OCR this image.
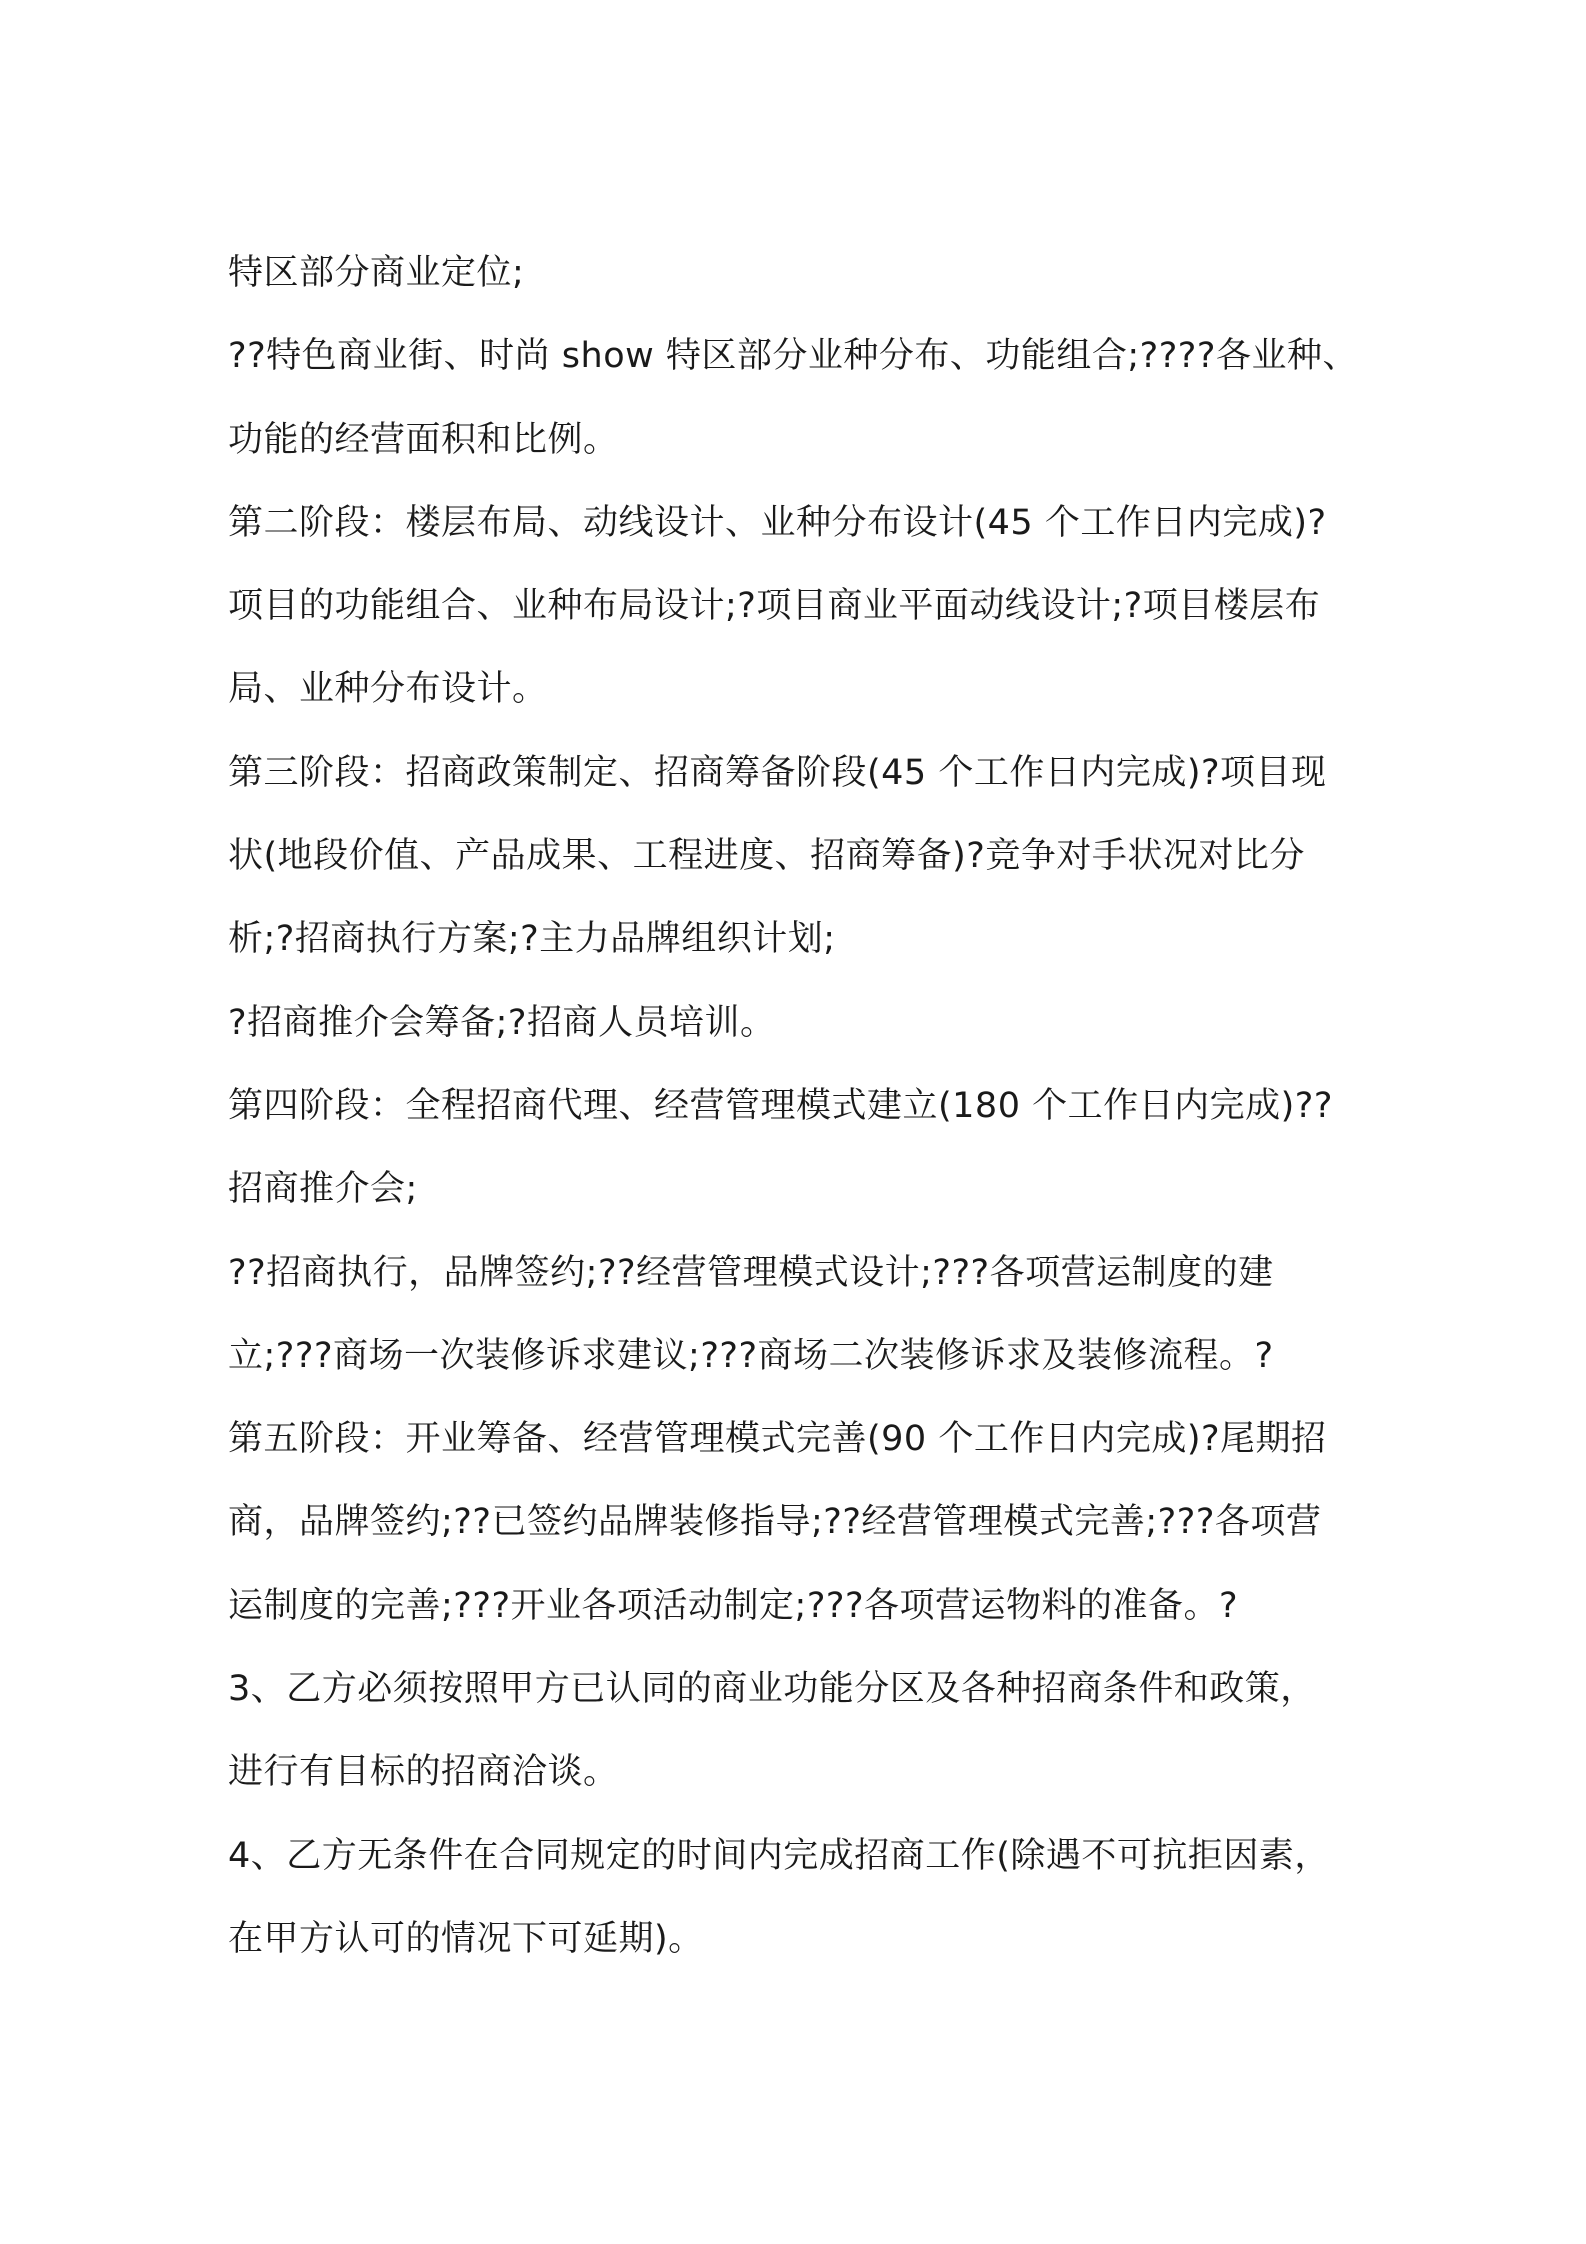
特区部分商业定位;
??特色商业街、时尚 show 特区部分业种分布、功能组合;????各业种、
功能的经营面积和比例。
第二阶段：楼层布局、动线设计、业种分布设计(45 个工作日内完成)?
项目的功能组合、业种布局设计;?项目商业平面动线设计;?项目楼层布
局、业种分布设计。
第三阶段：招商政策制定、招商筹备阶段(45 个工作日内完成)?项目现
状(地段价值、产品成果、工程进度、招商筹备)?竞争对手状况对比分
析;?招商执行方案;?主力品牌组织计划;
?招商推介会筹备;?招商人员培训。
第四阶段：全程招商代理、经营管理模式建立(180 个工作日内完成)??
招商推介会;
??招商执行，品牌签约;??经营管理模式设计;???各项营运制度的建
立;???商场一次装修诉求建议;???商场二次装修诉求及装修流程。?
第五阶段：开业筹备、经营管理模式完善(90 个工作日内完成)?尾期招
商，品牌签约;??已签约品牌装修指导;??经营管理模式完善;???各项营
运制度的完善;???开业各项活动制定;???各项营运物料的准备。?
3、乙方必须按照甲方已认同的商业功能分区及各种招商条件和政策，
进行有目标的招商洽谈。
4、乙方无条件在合同规定的时间内完成招商工作(除遇不可抗拒因素，
在甲方认可的情况下可延期)。
